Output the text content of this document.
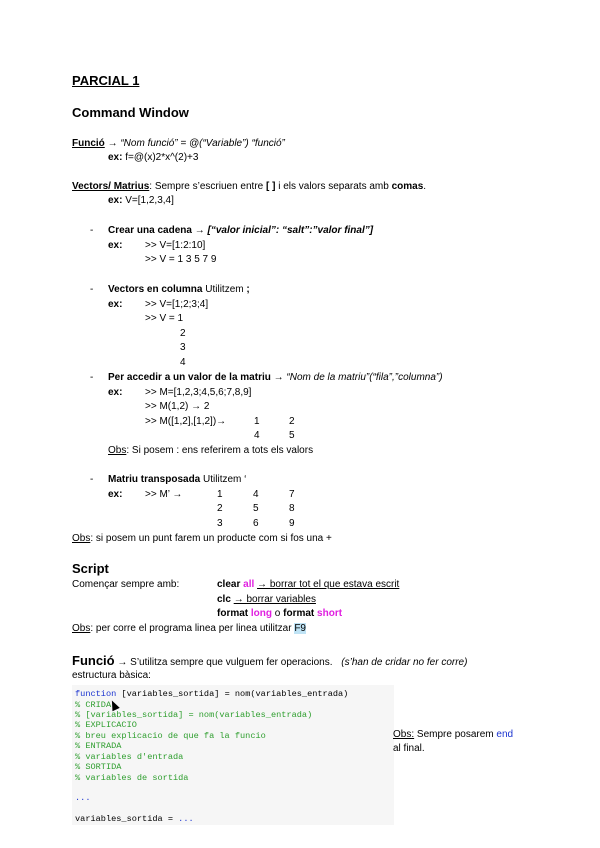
PARCIAL 1
Command Window
Funció → “Nom funció” = @(“Variable”) “funció”
ex: f=@(x)2*x^(2)+3
Vectors/ Matrius: Sempre s’escriuen entre [ ] i els valors separats amb comas.
ex: V=[1,2,3,4]
- Crear una cadena → [“valor inicial”: “salt”:”valor final”]
ex: >> V=[1:2:10]
>> V = 1 3 5 7 9
- Vectors en columna Utilitzem ;
ex: >> V=[1;2;3;4]
>> V = 1
2
3
4
- Per accedir a un valor de la matriu → “Nom de la matriu”(“fila”,”columna”)
ex: >> M=[1,2,3;4,5,6;7,8,9]
>> M(1,2) → 2
>> M([1,2],[1,2])→	1	2
4	5
Obs: Si posem : ens referirem a tots els valors
- Matriu transposada Utilitzem ‘
ex: >> M’ →	1	4	7
2	5	8
3	6	9
Obs: si posem un punt farem un producte com si fos una +
Script
Començar sempre amb:	clear all → borrar tot el que estava escrit
clc → borrar variables
format long o format short
Obs: per corre el programa linea per linea utilitzar F9
Funció → S’utilitza sempre que vulguem fer operacions. (s’han de cridar no fer corre)
estructura bàsica:
function [variables_sortida] = nom(variables_entrada)
% CRIDA
% [variables_sortida] = nom(variables_entrada)
% EXPLICACIO
% breu explicacio de que fa la funcio
% ENTRADA
% variables d'entrada
% SORTIDA
% variables de sortida
...
variables_sortida = ...
Obs: Sempre posarem end
al final.
